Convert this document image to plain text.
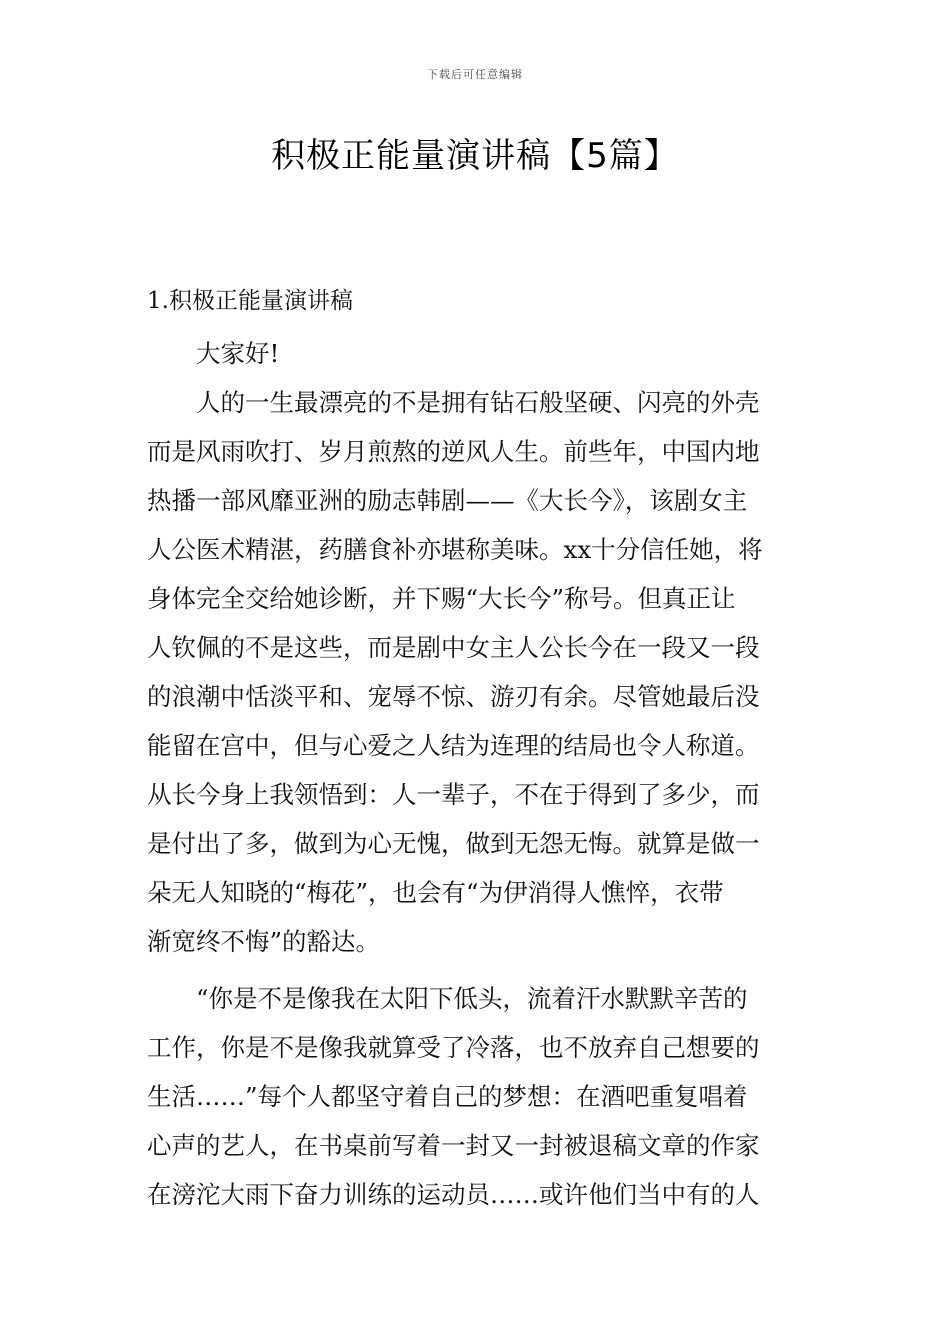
下载后可任意编辑
积极正能量演讲稿【5篇】
1.积极正能量演讲稿
大家好!
人的一生最漂亮的不是拥有钻石般坚硬、闪亮的外壳
而是风雨吹打、岁月煎熬的逆风人生。前些年，中国内地
热播一部风靡亚洲的励志韩剧——《大长今》，该剧女主
人公医术精湛，药膳食补亦堪称美味。xx十分信任她，将
身体完全交给她诊断，并下赐“大长今”称号。但真正让
人钦佩的不是这些，而是剧中女主人公长今在一段又一段
的浪潮中恬淡平和、宠辱不惊、游刃有余。尽管她最后没
能留在宫中，但与心爱之人结为连理的结局也令人称道。
从长今身上我领悟到：人一辈子，不在于得到了多少，而
是付出了多，做到为心无愧，做到无怨无悔。就算是做一
朵无人知晓的“梅花”，也会有“为伊消得人憔悴，衣带
渐宽终不悔”的豁达。
“你是不是像我在太阳下低头，流着汗水默默辛苦的
工作，你是不是像我就算受了冷落，也不放弃自己想要的
生活……”每个人都坚守着自己的梦想：在酒吧重复唱着
心声的艺人，在书桌前写着一封又一封被退稿文章的作家
在滂沱大雨下奋力训练的运动员……或许他们当中有的人
